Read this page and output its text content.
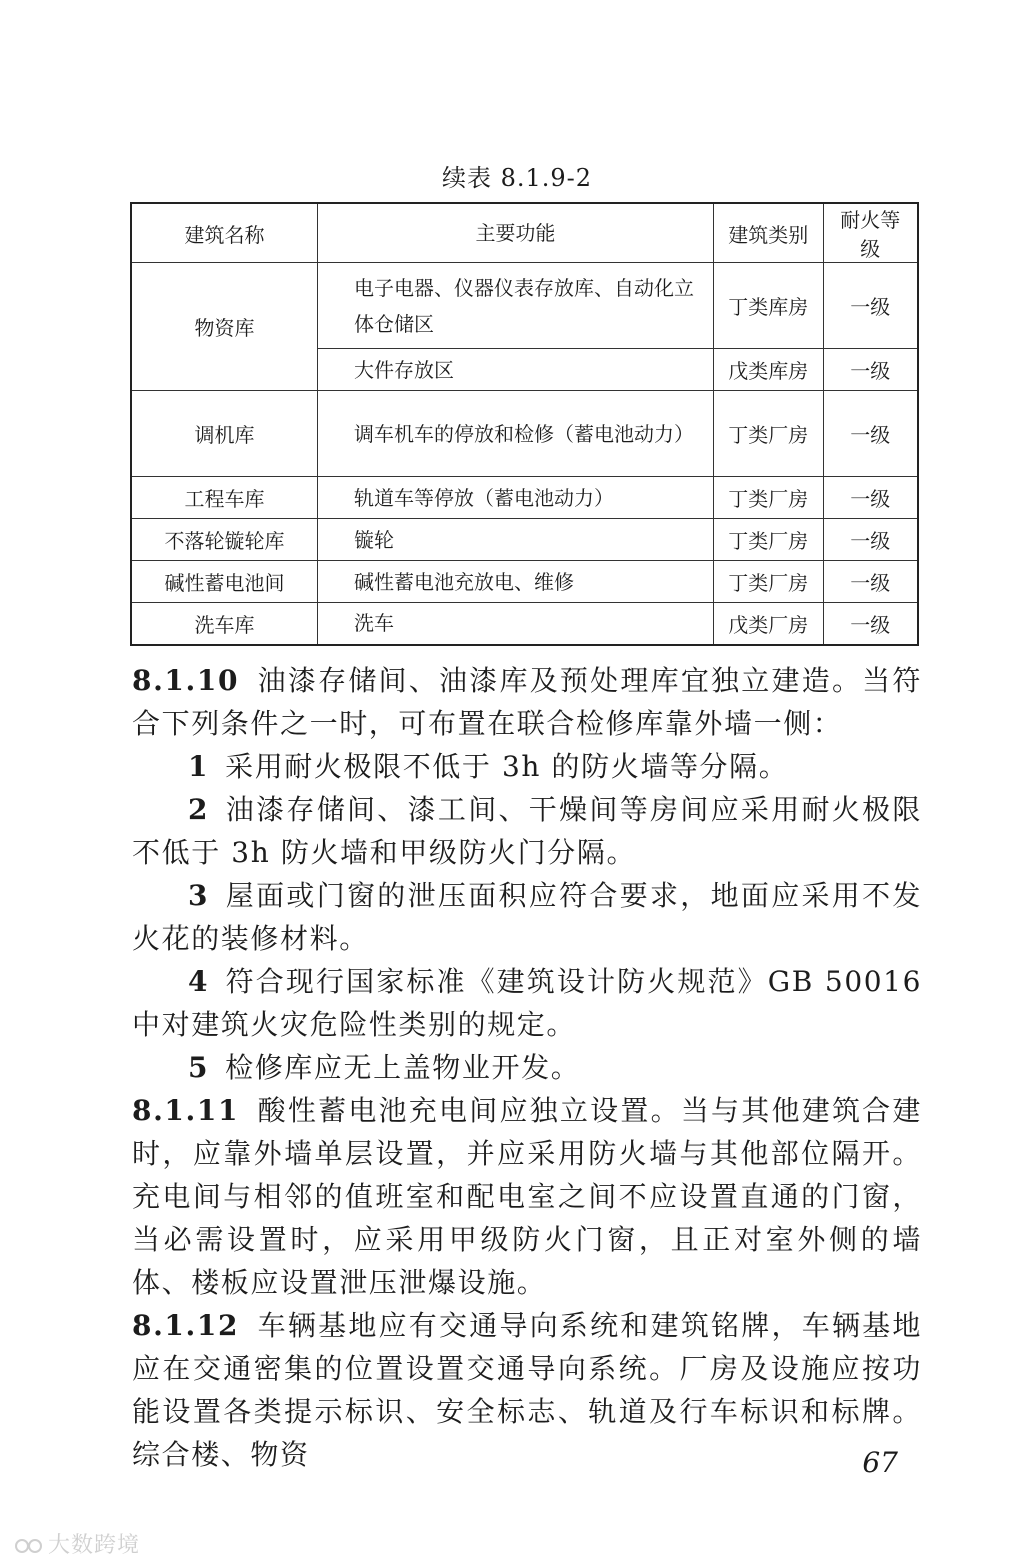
续表 8.1.9-2
建筑名称	主要功能	建筑类别	耐火等级
物资库	电子电器、仪器仪表存放库、自动化立体仓储区	丁类库房	一级
	大件存放区	戊类库房	一级
调机库	调车机车的停放和检修（蓄电池动力）	丁类厂房	一级
工程车库	轨道车等停放（蓄电池动力）	丁类厂房	一级
不落轮镟轮库	镟轮	丁类厂房	一级
碱性蓄电池间	碱性蓄电池充放电、维修	丁类厂房	一级
洗车库	洗车	戊类厂房	一级

8.1.10 油漆存储间、油漆库及预处理库宜独立建造。当符合下列条件之一时，可布置在联合检修库靠外墙一侧：

1 采用耐火极限不低于 3h 的防火墙等分隔。

2 油漆存储间、漆工间、干燥间等房间应采用耐火极限不低于 3h 防火墙和甲级防火门分隔。

3 屋面或门窗的泄压面积应符合要求，地面应采用不发火花的装修材料。

4 符合现行国家标准《建筑设计防火规范》GB 50016 中对建筑火灾危险性类别的规定。

5 检修库应无上盖物业开发。

8.1.11 酸性蓄电池充电间应独立设置。当与其他建筑合建时，应靠外墙单层设置，并应采用防火墙与其他部位隔开。充电间与相邻的值班室和配电室之间不应设置直通的门窗，当必需设置时，应采用甲级防火门窗，且正对室外侧的墙体、楼板应设置泄压泄爆设施。

8.1.12 车辆基地应有交通导向系统和建筑铭牌，车辆基地应在交通密集的位置设置交通导向系统。厂房及设施应按功能设置各类提示标识、安全标志、轨道及行车标识和标牌。综合楼、物资	67
大数跨境
